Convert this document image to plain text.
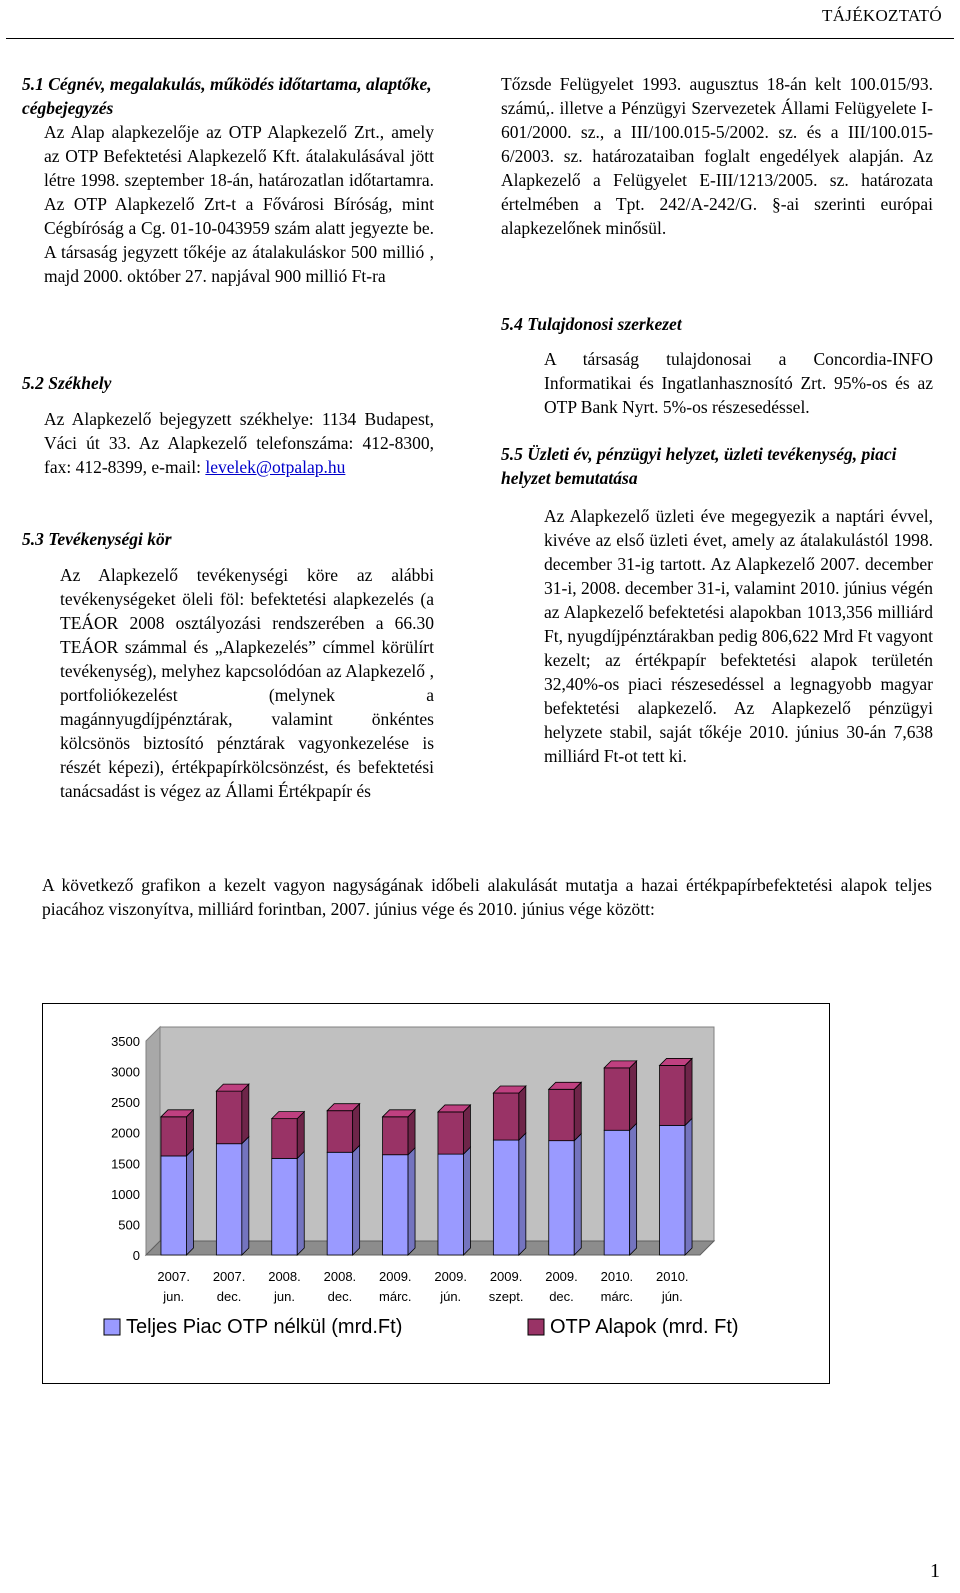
TÁJÉKOZTATÓ
5.1 Cégnév, megalakulás, működés időtartama, alaptőke, cégbejegyzés
Az Alap alapkezelője az OTP Alapkezelő Zrt., amely az OTP Befektetési Alapkezelő Kft. átalakulásával jött létre 1998. szeptember 18-án, határozatlan időtartamra. Az OTP Alapkezelő Zrt-t a Fővárosi Bíróság, mint Cégbíróság a Cg. 01-10-043959 szám alatt jegyezte be. A társaság jegyzett tőkéje az átalakuláskor 500 millió , majd 2000. október 27. napjával 900 millió Ft-ra
5.2 Székhely
Az Alapkezelő bejegyzett székhelye: 1134 Budapest, Váci út 33. Az Alapkezelő telefonszáma: 412-8300, fax: 412-8399, e-mail: levelek@otpalap.hu
5.3 Tevékenységi kör
Az Alapkezelő tevékenységi köre az alábbi tevékenységeket öleli föl: befektetési alapkezelés (a TEÁOR 2008 osztályozási rendszerében a 66.30 TEÁOR számmal és „Alapkezelés” címmel körülírt tevékenység), melyhez kapcsolódóan az Alapkezelő , portfoliókezelést (melynek a magánnyugdíjpénztárak, valamint önkéntes kölcsönös biztosító pénztárak vagyonkezelése is részét képezi), értékpapírkölcsönzést, és befektetési tanácsadást is végez az Állami Értékpapír és
Tőzsde Felügyelet 1993. augusztus 18-án kelt 100.015/93. számú,. illetve a Pénzügyi Szervezetek Állami Felügyelete I-601/2000. sz., a III/100.015-5/2002. sz. és a III/100.015-6/2003. sz. határozataiban foglalt engedélyek alapján. Az Alapkezelő a Felügyelet E-III/1213/2005. sz. határozata értelmében a Tpt. 242/A-242/G. §-ai szerinti európai alapkezelőnek minősül.
5.4 Tulajdonosi szerkezet
A társaság tulajdonosai a Concordia-INFO Informatikai és Ingatlanhasznosító Zrt. 95%-os és az OTP Bank Nyrt. 5%-os részesedéssel.
5.5 Üzleti év, pénzügyi helyzet, üzleti tevékenység, piaci helyzet bemutatása
Az Alapkezelő üzleti éve megegyezik a naptári évvel, kivéve az első üzleti évet, amely az átalakulástól 1998. december 31-ig tartott. Az Alapkezelő 2007. december 31-i, 2008. december 31-i, valamint 2010. június végén az Alapkezelő befektetési alapokban 1013,356 milliárd Ft, nyugdíjpénztárakban pedig 806,622 Mrd Ft vagyont kezelt; az értékpapír befektetési alapok területén 32,40%-os piaci részesedéssel a legnagyobb magyar befektetési alapkezelő. Az Alapkezelő pénzügyi helyzete stabil, saját tőkéje 2010. június 30-án 7,638 milliárd Ft-ot tett ki.
A következő grafikon a kezelt vagyon nagyságának időbeli alakulását mutatja a hazai értékpapírbefektetési alapok teljes piacához viszonyítva, milliárd forintban, 2007. június vége és 2010. június vége között:
0
500
1000
1500
2000
2500
3000
3500
2007.
jun.
2007.
dec.
2008.
jun.
2008.
dec.
2009.
márc.
2009.
jún.
2009.
szept.
2009.
dec.
2010.
márc.
2010.
jún.
Teljes Piac OTP nélkül (mrd.Ft)	OTP Alapok (mrd. Ft)
1
